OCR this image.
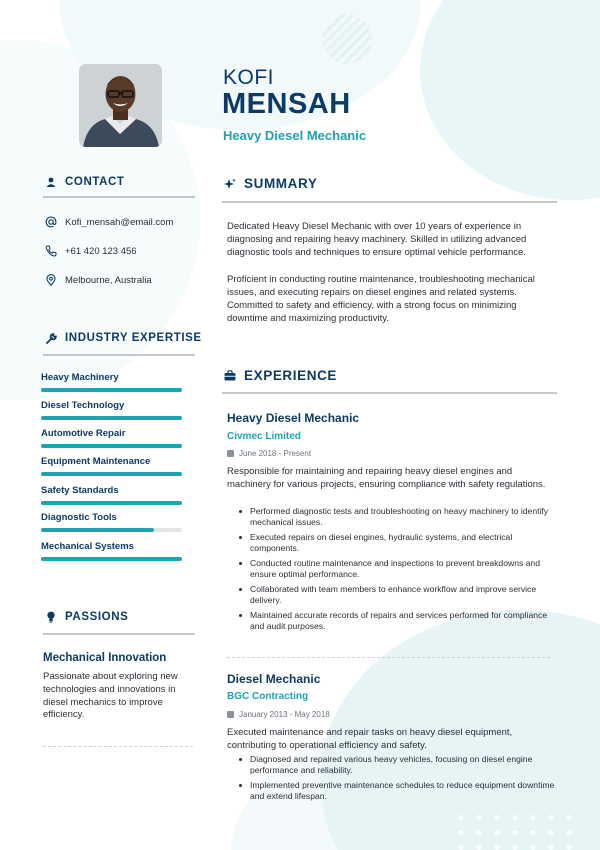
KOFI
MENSAH
Heavy Diesel Mechanic
CONTACT
Kofi_mensah@email.com
+61 420 123 456
Melbourne, Australia
INDUSTRY EXPERTISE
Heavy Machinery
Diesel Technology
Automotive Repair
Equipment Maintenance
Safety Standards
Diagnostic Tools
Mechanical Systems
PASSIONS
Mechanical Innovation
Passionate about exploring new technologies and innovations in diesel mechanics to improve efficiency.
SUMMARY
Dedicated Heavy Diesel Mechanic with over 10 years of experience in diagnosing and repairing heavy machinery. Skilled in utilizing advanced diagnostic tools and techniques to ensure optimal vehicle performance.
Proficient in conducting routine maintenance, troubleshooting mechanical issues, and executing repairs on diesel engines and related systems. Committed to safety and efficiency, with a strong focus on minimizing downtime and maximizing productivity.
EXPERIENCE
Heavy Diesel Mechanic
Civmec Limited
June 2018 - Present
Responsible for maintaining and repairing heavy diesel engines and machinery for various projects, ensuring compliance with safety regulations.
Performed diagnostic tests and troubleshooting on heavy machinery to identify mechanical issues.
Executed repairs on diesel engines, hydraulic systems, and electrical components.
Conducted routine maintenance and inspections to prevent breakdowns and ensure optimal performance.
Collaborated with team members to enhance workflow and improve service delivery.
Maintained accurate records of repairs and services performed for compliance and audit purposes.
Diesel Mechanic
BGC Contracting
January 2013 - May 2018
Executed maintenance and repair tasks on heavy diesel equipment, contributing to operational efficiency and safety.
Diagnosed and repaired various heavy vehicles, focusing on diesel engine performance and reliability.
Implemented preventive maintenance schedules to reduce equipment downtime and extend lifespan.
